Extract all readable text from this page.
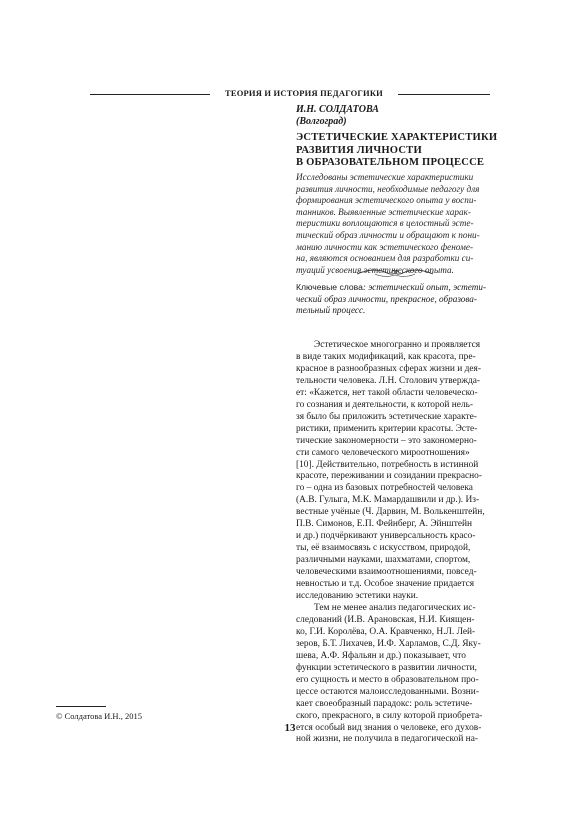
ТЕОРИЯ И ИСТОРИЯ ПЕДАГОГИКИ
И.Н. СОЛДАТОВА
(Волгоград)
ЭСТЕТИЧЕСКИЕ ХАРАКТЕРИСТИКИ
РАЗВИТИЯ ЛИЧНОСТИ
В ОБРАЗОВАТЕЛЬНОМ ПРОЦЕССЕ
Исследованы эстетические характеристики
развития личности, необходимые педагогу для
формирования эстетического опыта у воспи-
танников. Выявленные эстетические харак-
теристики воплощаются в целостный эсте-
тический образ личности и обращают к пони-
манию личности как эстетического феноме-
на, являются основанием для разработки си-
туаций усвоения эстетического опыта.
Ключевые слова: эстетический опыт, эстети-
ческий образ личности, прекрасное, образова-
тельный процесс.
Эстетическое многогранно и проявляется
в виде таких модификаций, как красота, пре-
красное в разнообразных сферах жизни и дея-
тельности человека. Л.Н. Столович утвержда-
ет: «Кажется, нет такой области человеческо-
го сознания и деятельности, к которой нель-
зя было бы приложить эстетические характе-
ристики, применить критерии красоты. Эсте-
тические закономерности – это закономерно-
сти самого человеческого мироотношения»
[10]. Действительно, потребность в истинной
красоте, переживании и созидании прекрасно-
го – одна из базовых потребностей человека
(А.В. Гулыга, М.К. Мамардашвили и др.). Из-
вестные учёные (Ч. Дарвин, М. Волькенштейн,
П.В. Симонов, Е.П. Фейнберг, А. Эйнштейн
и др.) подчёркивают универсальность красо-
ты, её взаимосвязь с искусством, природой,
различными науками, шахматами, спортом,
человеческими взаимоотношениями, повсед-
невностью и т.д. Особое значение придается
исследованию эстетики науки.
Тем не менее анализ педагогических ис-
следований (И.В. Арановская, Н.И. Киящен-
ко, Г.И. Королёва, О.А. Кравченко, Н.Л. Лей-
зеров, Б.Т. Лихачев, И.Ф. Харламов, С.Д. Яку-
шева, А.Ф. Яфальян и др.) показывает, что
функции эстетического в развитии личности,
его сущность и место в образовательном про-
цессе остаются малоисследованными. Возни-
кает своеобразный парадокс: роль эстетиче-
ского, прекрасного, в силу которой приобрета-
ется особый вид знания о человеке, его духов-
ной жизни, не получила в педагогической на-
© Солдатова И.Н., 2015
13
